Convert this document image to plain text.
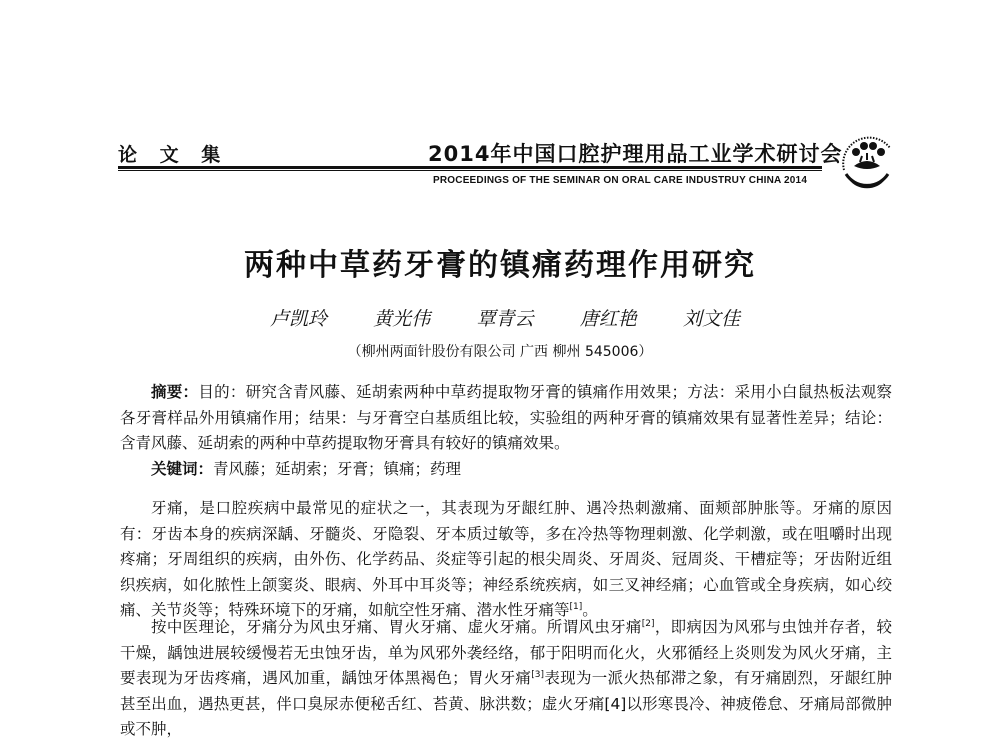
论 文 集	2014年中国口腔护理用品工业学术研讨会
PROCEEDINGS OF THE SEMINAR ON ORAL CARE INDUSTRUY CHINA 2014
两种中草药牙膏的镇痛药理作用研究
卢凯玲 黄光伟 覃青云 唐红艳 刘文佳
（柳州两面针股份有限公司 广西 柳州 545006）
摘要：目的：研究含青风藤、延胡索两种中草药提取物牙膏的镇痛作用效果；方法：采用小白鼠热板法观察各牙膏样品外用镇痛作用；结果：与牙膏空白基质组比较，实验组的两种牙膏的镇痛效果有显著性差异；结论：含青风藤、延胡索的两种中草药提取物牙膏具有较好的镇痛效果。
关键词：青风藤；延胡索；牙膏；镇痛；药理
牙痛，是口腔疾病中最常见的症状之一，其表现为牙龈红肿、遇冷热刺激痛、面颊部肿胀等。牙痛的原因有：牙齿本身的疾病深龋、牙髓炎、牙隐裂、牙本质过敏等，多在冷热等物理刺激、化学刺激，或在咀嚼时出现疼痛；牙周组织的疾病，由外伤、化学药品、炎症等引起的根尖周炎、牙周炎、冠周炎、干槽症等；牙齿附近组织疾病，如化脓性上颌窦炎、眼病、外耳中耳炎等；神经系统疾病，如三叉神经痛；心血管或全身疾病，如心绞痛、关节炎等；特殊环境下的牙痛，如航空性牙痛、潜水性牙痛等[1]。
按中医理论，牙痛分为风虫牙痛、胃火牙痛、虚火牙痛。所谓风虫牙痛[2]，即病因为风邪与虫蚀并存者，较干燥，龋蚀进展较缓慢若无虫蚀牙齿，单为风邪外袭经络，郁于阳明而化火，火邪循经上炎则发为风火牙痛，主要表现为牙齿疼痛，遇风加重，龋蚀牙体黑褐色；胃火牙痛[3]表现为一派火热郁滞之象，有牙痛剧烈，牙龈红肿甚至出血，遇热更甚，伴口臭尿赤便秘舌红、苔黄、脉洪数；虚火牙痛[4]以形寒畏冷、神疲倦怠、牙痛局部微肿或不肿，
